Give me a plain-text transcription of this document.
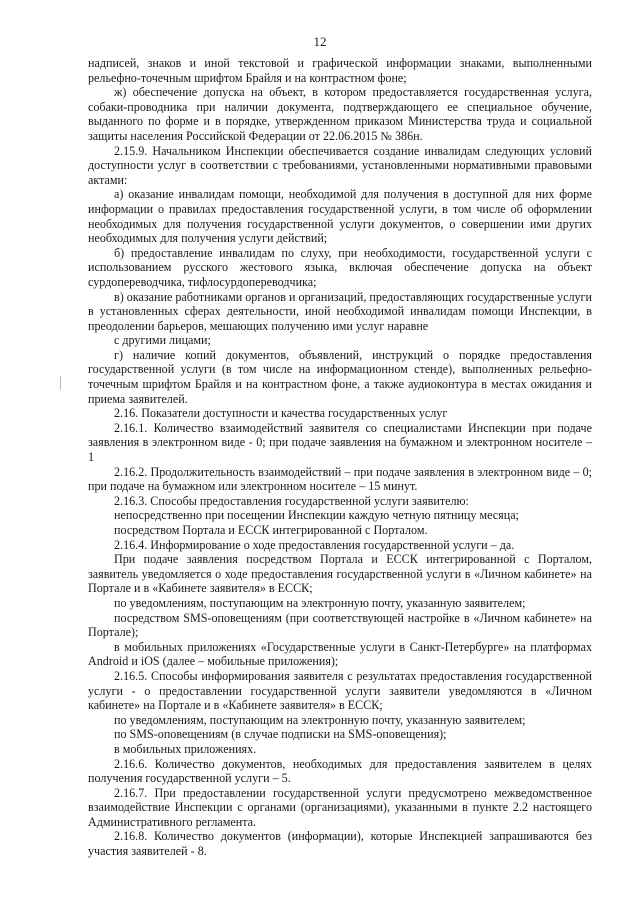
12

надписей, знаков и иной текстовой и графической информации знаками, выполненными рельефно-точечным шрифтом Брайля и на контрастном фоне;

ж) обеспечение допуска на объект, в котором предоставляется государственная услуга, собаки-проводника при наличии документа, подтверждающего ее специальное обучение, выданного по форме и в порядке, утвержденном приказом Министерства труда и социальной защиты населения Российской Федерации от 22.06.2015 № 386н.

2.15.9. Начальником Инспекции обеспечивается создание инвалидам следующих условий доступности услуг в соответствии с требованиями, установленными нормативными правовыми актами:

а) оказание инвалидам помощи, необходимой для получения в доступной для них форме информации о правилах предоставления государственной услуги, в том числе об оформлении необходимых для получения государственной услуги документов, о совершении ими других необходимых для получения услуги действий;

б) предоставление инвалидам по слуху, при необходимости, государственной услуги с использованием русского жестового языка, включая обеспечение допуска на объект сурдопереводчика, тифлосурдопереводчика;

в) оказание работниками органов и организаций, предоставляющих государственные услуги в установленных сферах деятельности, иной необходимой инвалидам помощи Инспекции, в преодолении барьеров, мешающих получению ими услуг наравне

с другими лицами;

г) наличие копий документов, объявлений, инструкций о порядке предоставления государственной услуги (в том числе на информационном стенде), выполненных рельефно-точечным шрифтом Брайля и на контрастном фоне, а также аудиоконтура в местах ожидания и приема заявителей.

2.16. Показатели доступности и качества государственных услуг

2.16.1. Количество взаимодействий заявителя со специалистами Инспекции при подаче заявления в электронном виде - 0; при подаче заявления на бумажном и электронном носителе – 1

2.16.2. Продолжительность взаимодействий – при подаче заявления в электронном виде – 0; при подаче на бумажном или электронном носителе – 15 минут.

2.16.3. Способы предоставления государственной услуги заявителю:

непосредственно при посещении Инспекции каждую четную пятницу месяца;

посредством Портала и ЕССК интегрированной с Порталом.

2.16.4. Информирование о ходе предоставления государственной услуги – да.

При подаче заявления посредством Портала и ЕССК интегрированной с Порталом, заявитель уведомляется о ходе предоставления государственной услуги в «Личном кабинете» на Портале и в «Кабинете заявителя» в ЕССК;

по уведомлениям, поступающим на электронную почту, указанную заявителем;

посредством SMS-оповещениям (при соответствующей настройке в «Личном кабинете» на Портале);

в мобильных приложениях «Государственные услуги в Санкт-Петербурге» на платформах Android и iOS (далее – мобильные приложения);

2.16.5. Способы информирования заявителя с результатах предоставления государственной услуги - о предоставлении государственной услуги заявители уведомляются в «Личном кабинете» на Портале и в «Кабинете заявителя» в ЕССК;

по уведомлениям, поступающим на электронную почту, указанную заявителем;

по SMS-оповещениям (в случае подписки на SMS-оповещения);

в мобильных приложениях.

2.16.6. Количество документов, необходимых для предоставления заявителем в целях получения государственной услуги – 5.

2.16.7. При предоставлении государственной услуги предусмотрено межведомственное взаимодействие Инспекции с органами (организациями), указанными в пункте 2.2 настоящего Административного регламента.

2.16.8. Количество документов (информации), которые Инспекцией запрашиваются без участия заявителей - 8.
